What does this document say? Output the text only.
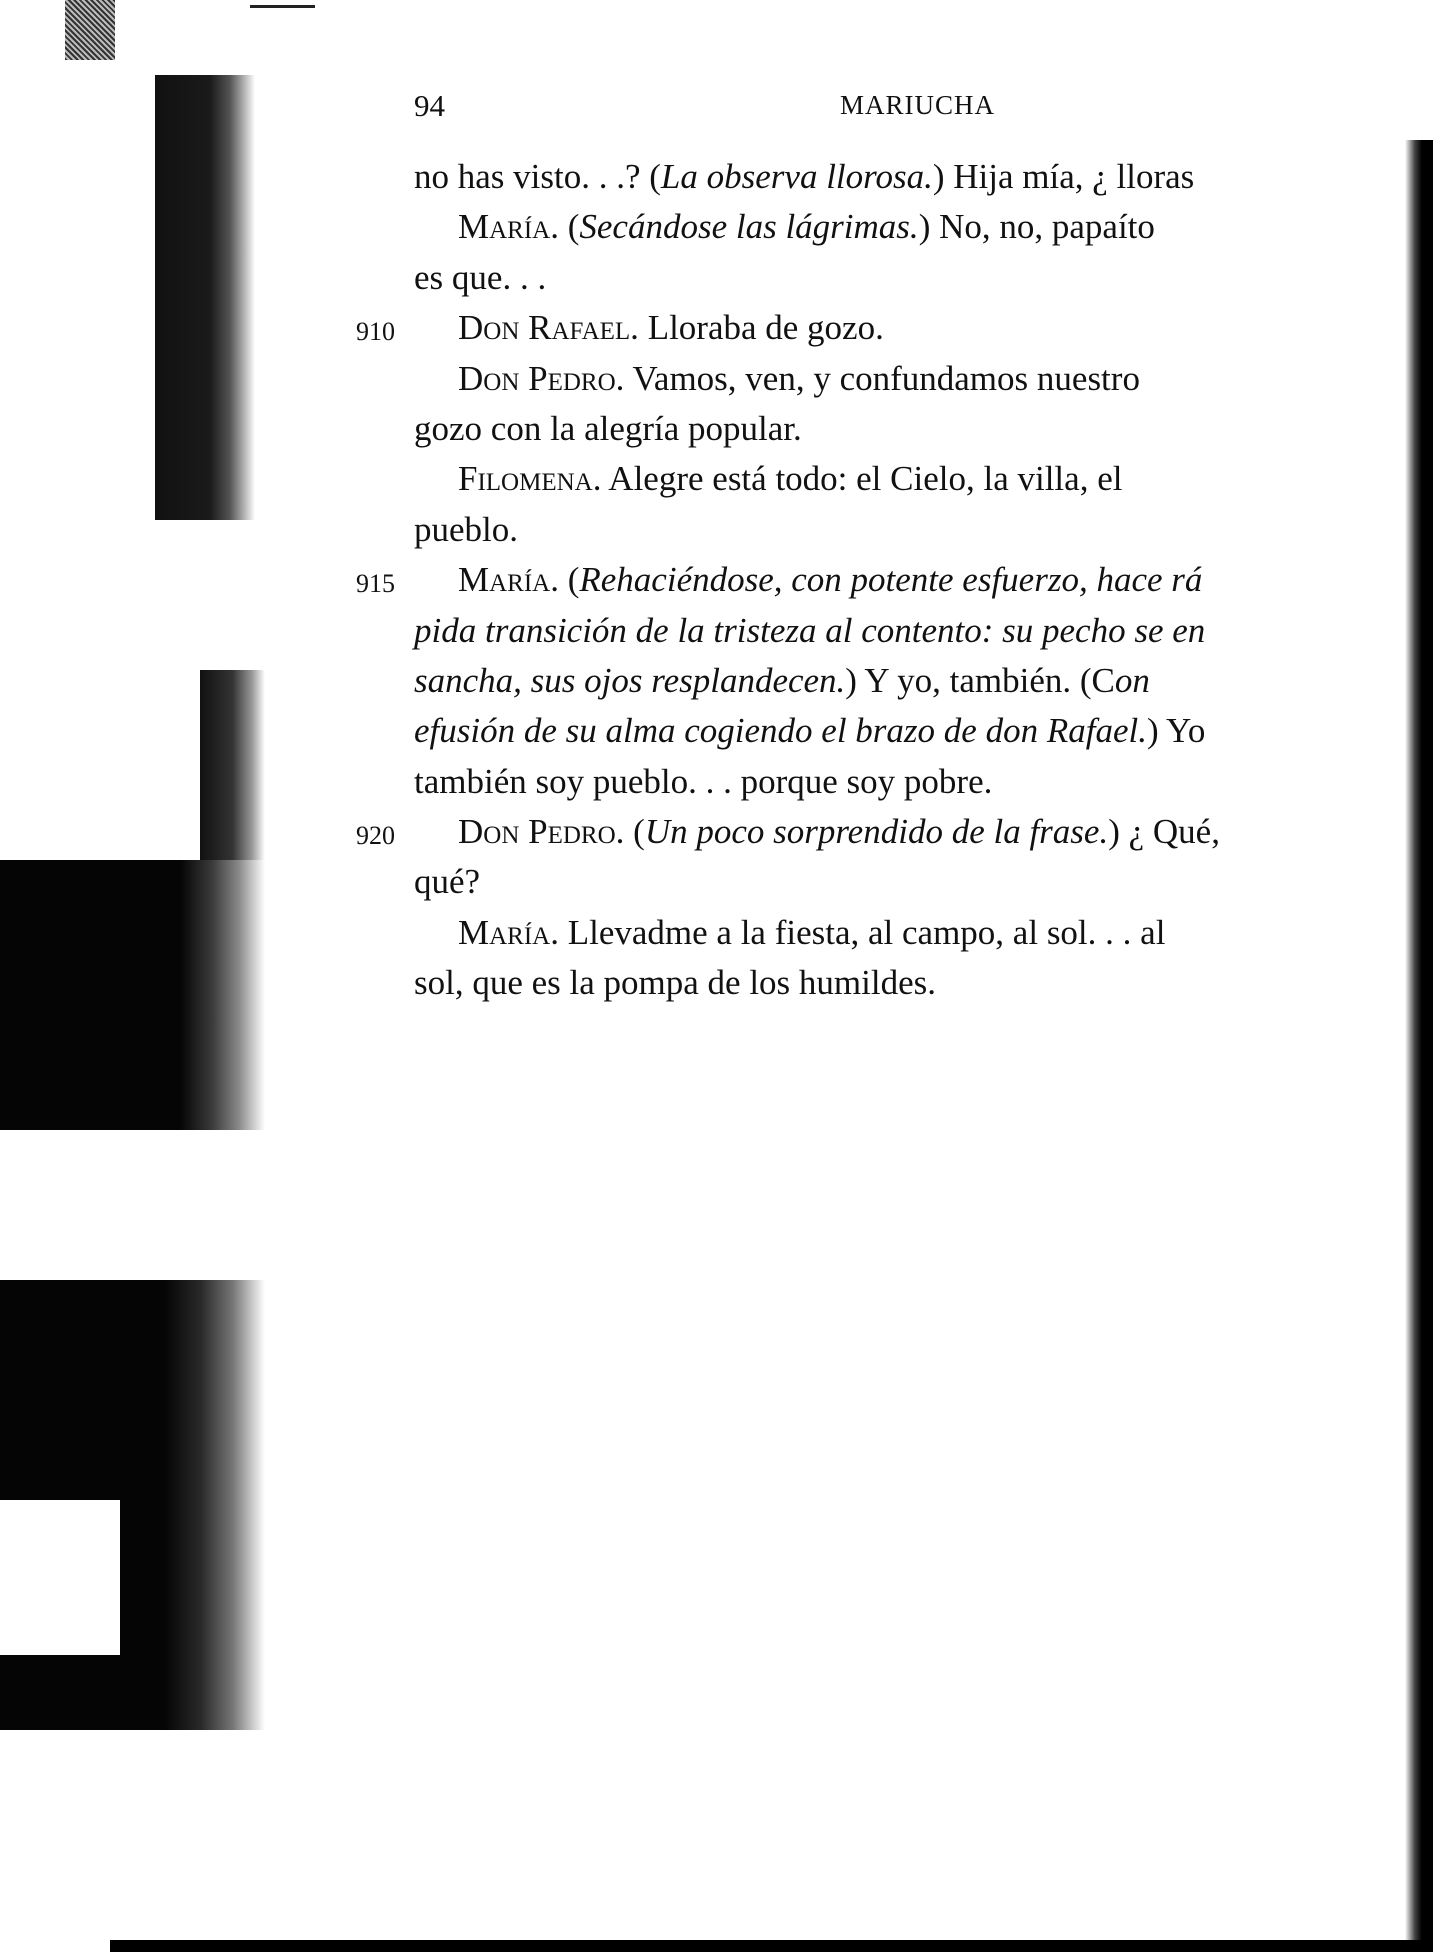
94	MARIUCHA
no has visto. . .? (La observa llorosa.) Hija mía, ¿ lloras
María. (Secándose las lágrimas.) No, no, papaíto
es que. . .
910 Don Rafael. Lloraba de gozo.
Don Pedro. Vamos, ven, y confundamos nuestro
gozo con la alegría popular.
Filomena. Alegre está todo: el Cielo, la villa, el
pueblo.
915 María. (Rehaciéndose, con potente esfuerzo, hace rá
pida transición de la tristeza al contento: su pecho se en
sancha, sus ojos resplandecen.) Y yo, también. (Con
efusión de su alma cogiendo el brazo de don Rafael.) Yo
también soy pueblo. . . porque soy pobre.
920 Don Pedro. (Un poco sorprendido de la frase.) ¿ Qué,
qué?
María. Llevadme a la fiesta, al campo, al sol. . . al
sol, que es la pompa de los humildes.
